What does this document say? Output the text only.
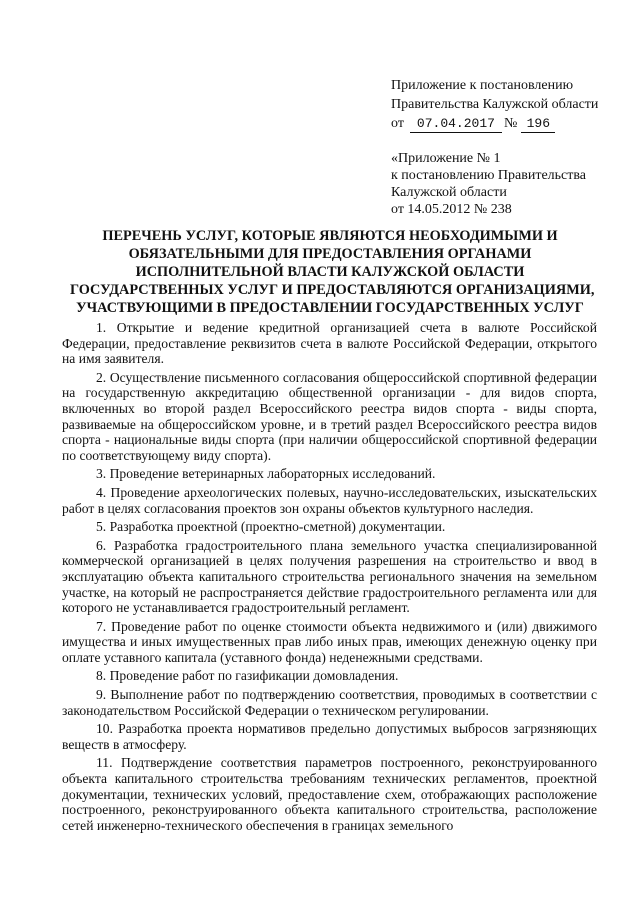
Приложение к постановлению
Правительства Калужской области
от 07.04.2017 № 196
«Приложение № 1
к постановлению Правительства
Калужской области
от 14.05.2012 № 238
ПЕРЕЧЕНЬ УСЛУГ, КОТОРЫЕ ЯВЛЯЮТСЯ НЕОБХОДИМЫМИ И
ОБЯЗАТЕЛЬНЫМИ ДЛЯ ПРЕДОСТАВЛЕНИЯ ОРГАНАМИ
ИСПОЛНИТЕЛЬНОЙ ВЛАСТИ КАЛУЖСКОЙ ОБЛАСТИ
ГОСУДАРСТВЕННЫХ УСЛУГ И ПРЕДОСТАВЛЯЮТСЯ ОРГАНИЗАЦИЯМИ,
УЧАСТВУЮЩИМИ В ПРЕДОСТАВЛЕНИИ ГОСУДАРСТВЕННЫХ УСЛУГ
1. Открытие и ведение кредитной организацией счета в валюте Российской Федерации, предоставление реквизитов счета в валюте Российской Федерации, открытого на имя заявителя.
2. Осуществление письменного согласования общероссийской спортивной федерации на государственную аккредитацию общественной организации - для видов спорта, включенных во второй раздел Всероссийского реестра видов спорта - виды спорта, развиваемые на общероссийском уровне, и в третий раздел Всероссийского реестра видов спорта - национальные виды спорта (при наличии общероссийской спортивной федерации по соответствующему виду спорта).
3. Проведение ветеринарных лабораторных исследований.
4. Проведение археологических полевых, научно-исследовательских, изыскательских работ в целях согласования проектов зон охраны объектов культурного наследия.
5. Разработка проектной (проектно-сметной) документации.
6. Разработка градостроительного плана земельного участка специализированной коммерческой организацией в целях получения разрешения на строительство и ввод в эксплуатацию объекта капитального строительства регионального значения на земельном участке, на который не распространяется действие градостроительного регламента или для которого не устанавливается градостроительный регламент.
7. Проведение работ по оценке стоимости объекта недвижимого и (или) движимого имущества и иных имущественных прав либо иных прав, имеющих денежную оценку при оплате уставного капитала (уставного фонда) неденежными средствами.
8. Проведение работ по газификации домовладения.
9. Выполнение работ по подтверждению соответствия, проводимых в соответствии с законодательством Российской Федерации о техническом регулировании.
10. Разработка проекта нормативов предельно допустимых выбросов загрязняющих веществ в атмосферу.
11. Подтверждение соответствия параметров построенного, реконструированного объекта капитального строительства требованиям технических регламентов, проектной документации, технических условий, предоставление схем, отображающих расположение построенного, реконструированного объекта капитального строительства, расположение сетей инженерно-технического обеспечения в границах земельного
